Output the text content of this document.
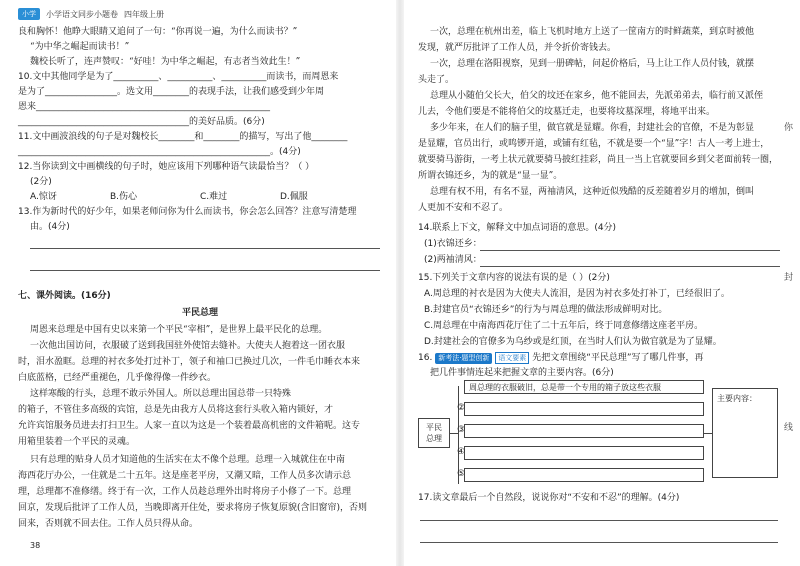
小学	小学语文同步小题卷 四年级上册
良和胸怀！他睁大眼睛又追问了一句：“你再说一遍，为什么而读书？”
“为中华之崛起而读书！”
魏校长听了，连声赞叹：“好哇！为中华之崛起，有志者当效此生！”
10.文中其他同学是为了__________、__________、__________而读书，而周恩来
是为了________________。选文用________的表现手法，让我们感受到少年周
恩来____________________________________________________
______________________________________的美好品质。(6分)
11.文中画波浪线的句子是对魏校长________和________的描写，写出了他________
________________________________________________________。(4分)
12.当你读到文中画横线的句子时，她应该用下列哪种语气读最恰当？（ ）
(2分)
A.惊讶	B.伤心	C.难过	D.佩服
13.作为新时代的好少年，如果老师问你为什么而读书，你会怎么回答？注意写清楚理
由。(4分)
七、课外阅读。(16分)
平民总理
周恩来总理是中国有史以来第一个平民“宰相”，是世界上最平民化的总理。
一次他出国访问，衣服破了送到我国驻外使馆去缝补。大使夫人抱着这一团衣服
时，泪水盈眶。总理的衬衣多处打过补丁，领子和袖口已换过几次，一件毛巾睡衣本来
白底蓝格，已经严重褪色，几乎像得像一件纱衣。
这样寒酸的行头，总理不敢示外国人。所以总理出国总带一只特殊
的箱子，不管住多高级的宾馆，总是先由我方人员将这套行头收入箱内锁好，才
允许宾馆服务员进去打扫卫生。人家一直以为这是一个装着最高机密的文件箱呢。这专
用箱里装着一个平民的灵魂。
只有总理的贴身人员才知道他的生活实在太不像个总理。总理一入城就住在中南
海西花厅办公，一住就是二十五年。这是座老平房，又潮又暗，工作人员多次请示总
理，总理都不准修缮。终于有一次，工作人员趁总理外出时将房子小修了一下。总理
回京，发现后批评了工作人员，当晚即离开住处，要求将房子恢复原貌(含旧窗帘)，否则
回来，否则就不回去住。工作人员只得从命。
38
一次，总理在杭州出差，临上飞机时地方上送了一筐南方的时鲜蔬菜，到京时被他
发现，就严厉批评了工作人员，并令折价寄钱去。
一次，总理在洛阳视察，见到一册碑帖，问起价格后，马上让工作人员付钱，就摆
头走了。
总理从小随伯父长大，伯父的坟还在家乡，他不能回去，先派弟弟去，临行前又派侄
儿去，令他们要是不能将伯父的坟墓迁走，也要将坟墓深埋，将地平出来。
多少年来，在人们的脑子里，做官就是显耀。你看，封建社会的官僚，不是为彰显
是显耀，官员出行，或鸣锣开道，或铺有红毡，不就是要一个“显”字！古人一考上进士，
就要骑马游街，一考上状元就要骑马披红挂彩，尚且一当上官就要回乡到父老面前转一圈，
所谓衣锦还乡，为的就是“显一显”。
总理有权不用，有名不显，两袖清风，这种近似残酷的反差随着岁月的增加，倒叫
人更加不安和不忍了。
14.联系上下文，解释文中加点词语的意思。(4分)
(1)衣锦还乡：
(2)两袖清风：
15.下列关于文章内容的说法有误的是（ ）(2分)
A.周总理的衬衣是因为大使夫人流泪，是因为衬衣多处打补丁，已经很旧了。
B.封建官员“衣锦还乡”的行为与周总理的做法形成鲜明对比。
C.周总理在中南海西花厅住了二十五年后，终于同意修缮这座老平房。
D.封建社会的官僚多为乌纱或是红顶，在当时人们认为做官就是为了显耀。
16. 新考法·题型创新 语文要素 先把文章围绕“平民总理”写了哪几件事，再
把几件事情连起来把握文章的主要内容。(6分)
平民总理
周总理的衣服破旧，总是带一个专用的箱子放这些衣服
②
③
④
⑤
主要内容：
17.读文章最后一个自然段，说说你对“不安和不忍”的理解。(4分)
你
封
线
